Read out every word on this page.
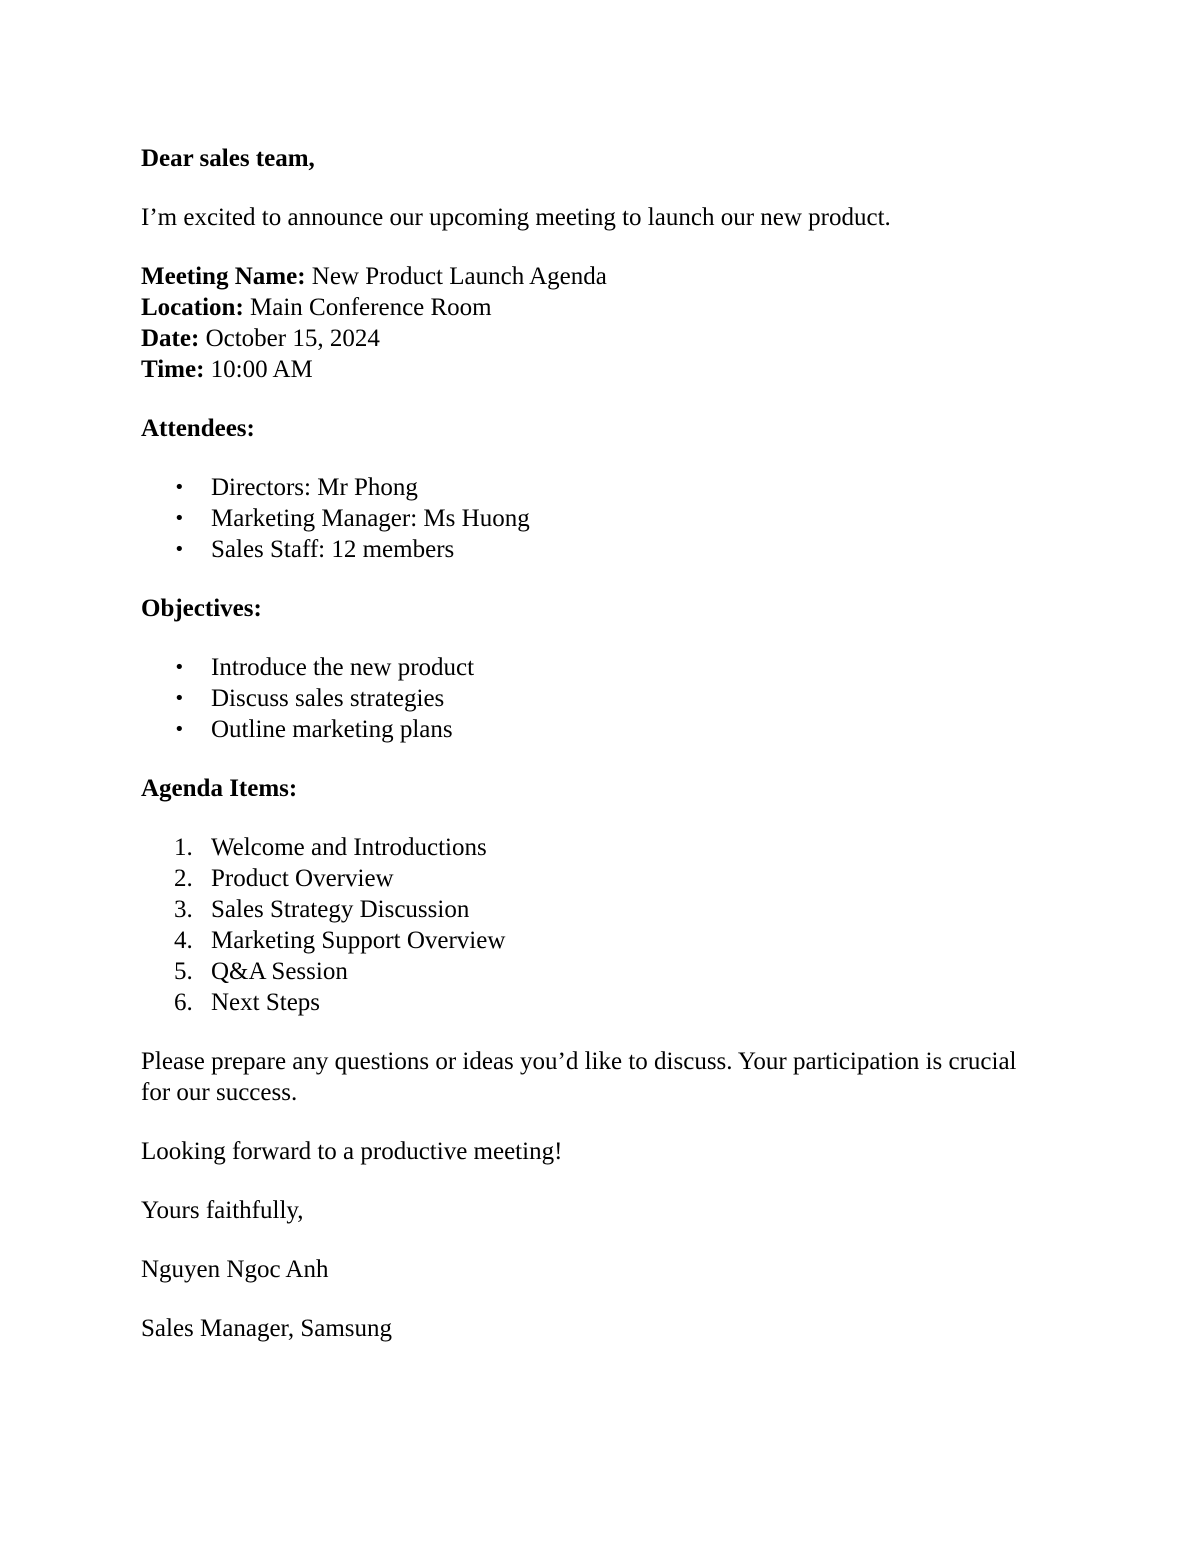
Dear sales team,

I’m excited to announce our upcoming meeting to launch our new product.

Meeting Name: New Product Launch Agenda
Location: Main Conference Room
Date: October 15, 2024
Time: 10:00 AM

Attendees:

• Directors: Mr Phong
• Marketing Manager: Ms Huong
• Sales Staff: 12 members

Objectives:

• Introduce the new product
• Discuss sales strategies
• Outline marketing plans

Agenda Items:

1. Welcome and Introductions
2. Product Overview
3. Sales Strategy Discussion
4. Marketing Support Overview
5. Q&A Session
6. Next Steps

Please prepare any questions or ideas you’d like to discuss. Your participation is crucial for our success.

Looking forward to a productive meeting!

Yours faithfully,

Nguyen Ngoc Anh

Sales Manager, Samsung
